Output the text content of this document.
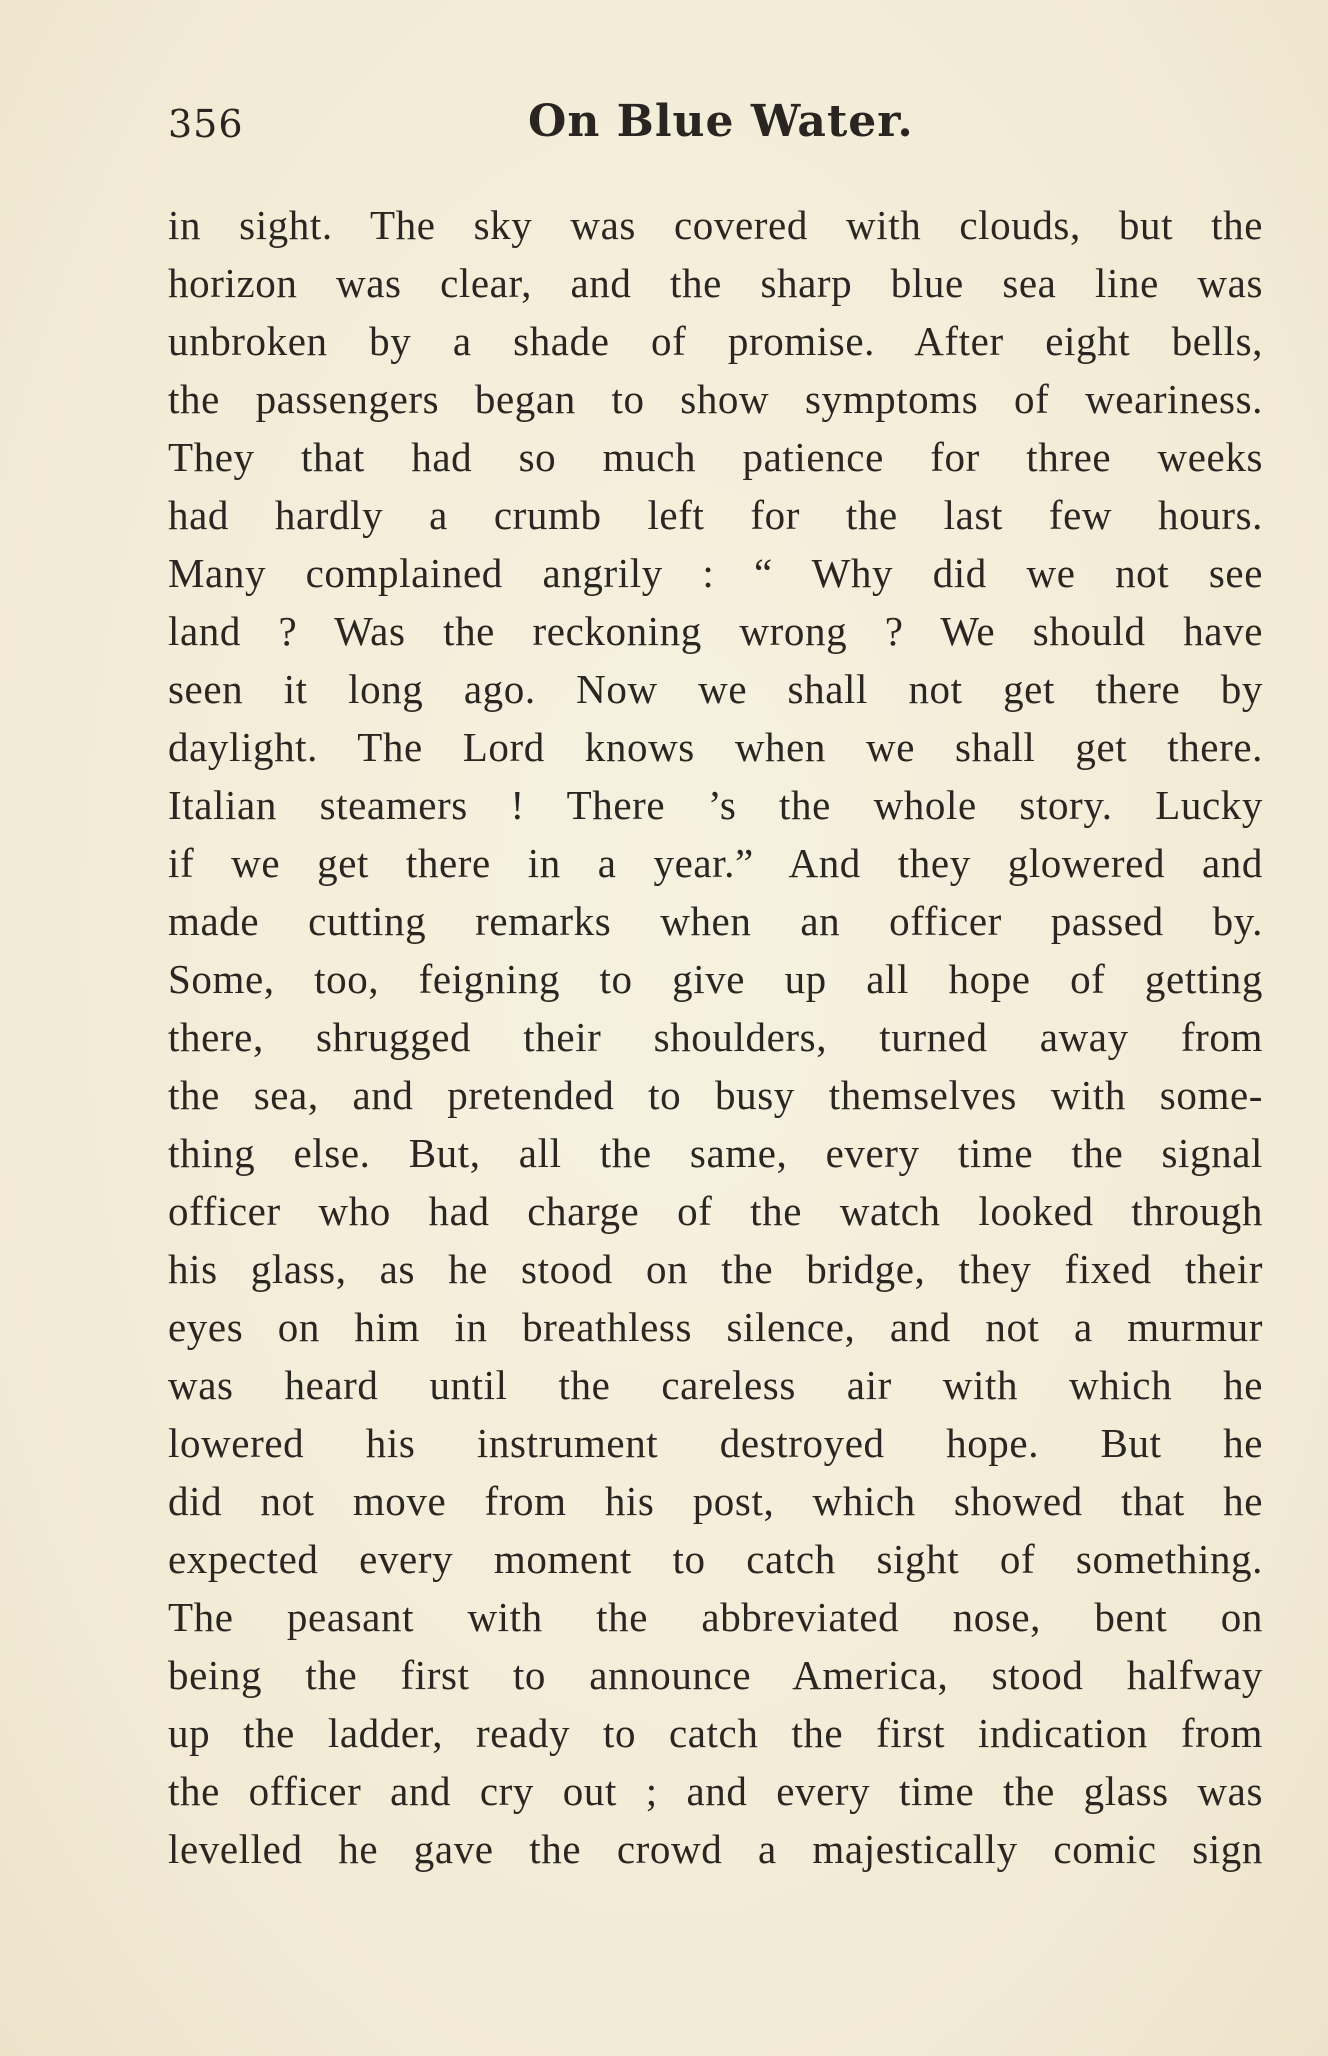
356	On Blue Water.
in sight. The sky was covered with clouds, but the
horizon was clear, and the sharp blue sea line was
unbroken by a shade of promise. After eight bells,
the passengers began to show symptoms of weariness.
They that had so much patience for three weeks
had hardly a crumb left for the last few hours.
Many complained angrily : “ Why did we not see
land ? Was the reckoning wrong ? We should have
seen it long ago. Now we shall not get there by
daylight. The Lord knows when we shall get there.
Italian steamers ! There ’s the whole story. Lucky
if we get there in a year.” And they glowered and
made cutting remarks when an officer passed by.
Some, too, feigning to give up all hope of getting
there, shrugged their shoulders, turned away from
the sea, and pretended to busy themselves with some-
thing else. But, all the same, every time the signal
officer who had charge of the watch looked through
his glass, as he stood on the bridge, they fixed their
eyes on him in breathless silence, and not a murmur
was heard until the careless air with which he
lowered his instrument destroyed hope. But he
did not move from his post, which showed that he
expected every moment to catch sight of something.
The peasant with the abbreviated nose, bent on
being the first to announce America, stood halfway
up the ladder, ready to catch the first indication from
the officer and cry out ; and every time the glass was
levelled he gave the crowd a majestically comic sign
